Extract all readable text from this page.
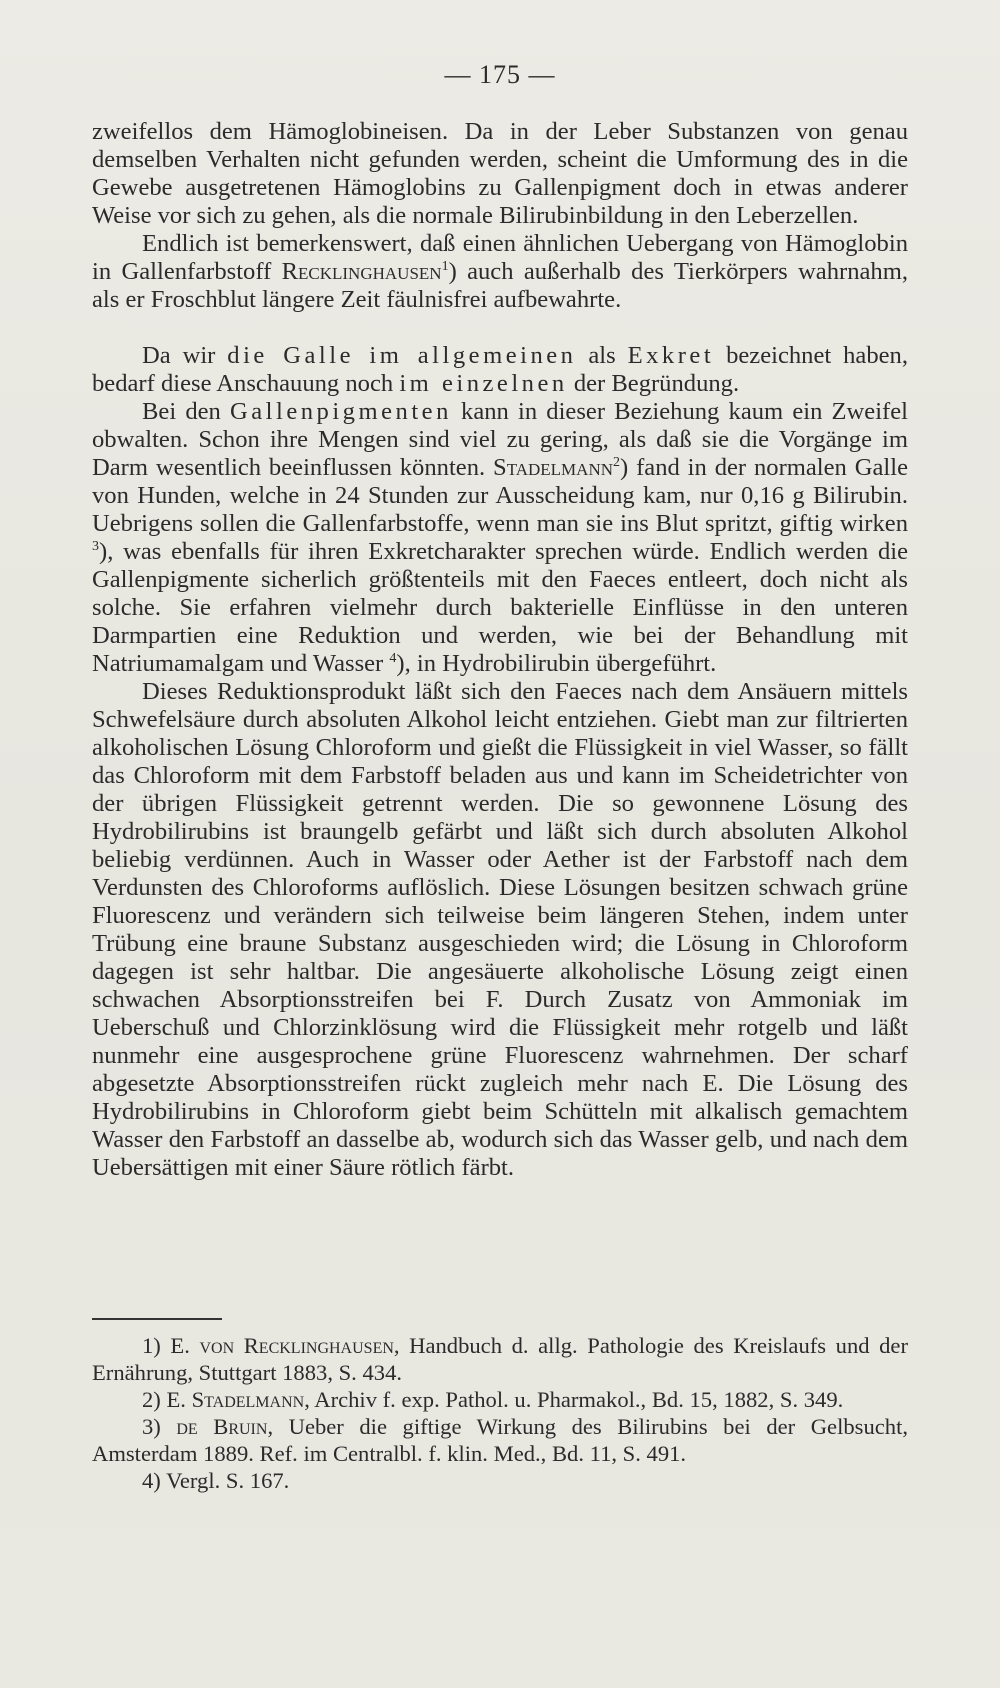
— 175 —

zweifellos dem Hämoglobineisen. Da in der Leber Substanzen von genau demselben Verhalten nicht gefunden werden, scheint die Umformung des in die Gewebe ausgetretenen Hämoglobins zu Gallenpigment doch in etwas anderer Weise vor sich zu gehen, als die normale Bilirubinbildung in den Leberzellen.

Endlich ist bemerkenswert, daß einen ähnlichen Uebergang von Hämoglobin in Gallenfarbstoff Recklinghausen$^1$) auch außerhalb des Tierkörpers wahrnahm, als er Froschblut längere Zeit fäulnisfrei aufbewahrte.

Da wir die Galle im allgemeinen als Exkret bezeichnet haben, bedarf diese Anschauung noch im einzelnen der Begründung.

Bei den Gallenpigmenten kann in dieser Beziehung kaum ein Zweifel obwalten. Schon ihre Mengen sind viel zu gering, als daß sie die Vorgänge im Darm wesentlich beeinflussen könnten. Stadelmann$^2$) fand in der normalen Galle von Hunden, welche in 24 Stunden zur Ausscheidung kam, nur 0,16 g Bilirubin. Uebrigens sollen die Gallenfarbstoffe, wenn man sie ins Blut spritzt, giftig wirken $^3$), was ebenfalls für ihren Exkretcharakter sprechen würde. Endlich werden die Gallenpigmente sicherlich größtenteils mit den Faeces entleert, doch nicht als solche. Sie erfahren vielmehr durch bakterielle Einflüsse in den unteren Darmpartien eine Reduktion und werden, wie bei der Behandlung mit Natriumamalgam und Wasser $^4$), in Hydrobilirubin übergeführt.

Dieses Reduktionsprodukt läßt sich den Faeces nach dem Ansäuern mittels Schwefelsäure durch absoluten Alkohol leicht entziehen. Giebt man zur filtrierten alkoholischen Lösung Chloroform und gießt die Flüssigkeit in viel Wasser, so fällt das Chloroform mit dem Farbstoff beladen aus und kann im Scheidetrichter von der übrigen Flüssigkeit getrennt werden. Die so gewonnene Lösung des Hydrobilirubins ist braungelb gefärbt und läßt sich durch absoluten Alkohol beliebig verdünnen. Auch in Wasser oder Aether ist der Farbstoff nach dem Verdunsten des Chloroforms auflöslich. Diese Lösungen besitzen schwach grüne Fluorescenz und verändern sich teilweise beim längeren Stehen, indem unter Trübung eine braune Substanz ausgeschieden wird; die Lösung in Chloroform dagegen ist sehr haltbar. Die angesäuerte alkoholische Lösung zeigt einen schwachen Absorptionsstreifen bei F. Durch Zusatz von Ammoniak im Ueberschuß und Chlorzinklösung wird die Flüssigkeit mehr rotgelb und läßt nunmehr eine ausgesprochene grüne Fluorescenz wahrnehmen. Der scharf abgesetzte Absorptionsstreifen rückt zugleich mehr nach E. Die Lösung des Hydrobilirubins in Chloroform giebt beim Schütteln mit alkalisch gemachtem Wasser den Farbstoff an dasselbe ab, wodurch sich das Wasser gelb, und nach dem Uebersättigen mit einer Säure rötlich färbt.

1) E. von Recklinghausen, Handbuch d. allg. Pathologie des Kreislaufs und der Ernährung, Stuttgart 1883, S. 434.

2) E. Stadelmann, Archiv f. exp. Pathol. u. Pharmakol., Bd. 15, 1882, S. 349.

3) de Bruin, Ueber die giftige Wirkung des Bilirubins bei der Gelbsucht, Amsterdam 1889. Ref. im Centralbl. f. klin. Med., Bd. 11, S. 491.

4) Vergl. S. 167.
